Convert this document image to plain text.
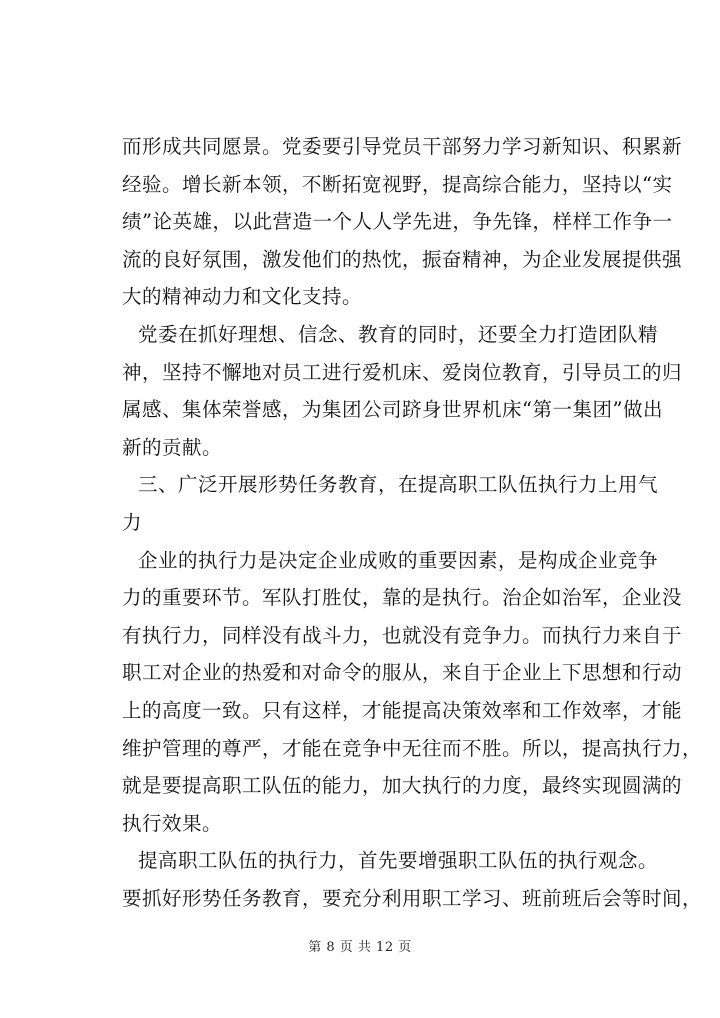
而形成共同愿景。党委要引导党员干部努力学习新知识、积累新
经验。增长新本领，不断拓宽视野，提高综合能力，坚持以“实
绩”论英雄，以此营造一个人人学先进，争先锋，样样工作争一
流的良好氛围，激发他们的热忱，振奋精神，为企业发展提供强
大的精神动力和文化支持。

党委在抓好理想、信念、教育的同时，还要全力打造团队精
神，坚持不懈地对员工进行爱机床、爱岗位教育，引导员工的归
属感、集体荣誉感，为集团公司跻身世界机床“第一集团”做出
新的贡献。

三、广泛开展形势任务教育，在提高职工队伍执行力上用气
力

企业的执行力是决定企业成败的重要因素，是构成企业竞争
力的重要环节。军队打胜仗，靠的是执行。治企如治军，企业没
有执行力，同样没有战斗力，也就没有竞争力。而执行力来自于
职工对企业的热爱和对命令的服从，来自于企业上下思想和行动
上的高度一致。只有这样，才能提高决策效率和工作效率，才能
维护管理的尊严，才能在竞争中无往而不胜。所以，提高执行力，
就是要提高职工队伍的能力，加大执行的力度，最终实现圆满的
执行效果。

提高职工队伍的执行力，首先要增强职工队伍的执行观念。
要抓好形势任务教育，要充分利用职工学习、班前班后会等时间，

第 8 页 共 12 页
